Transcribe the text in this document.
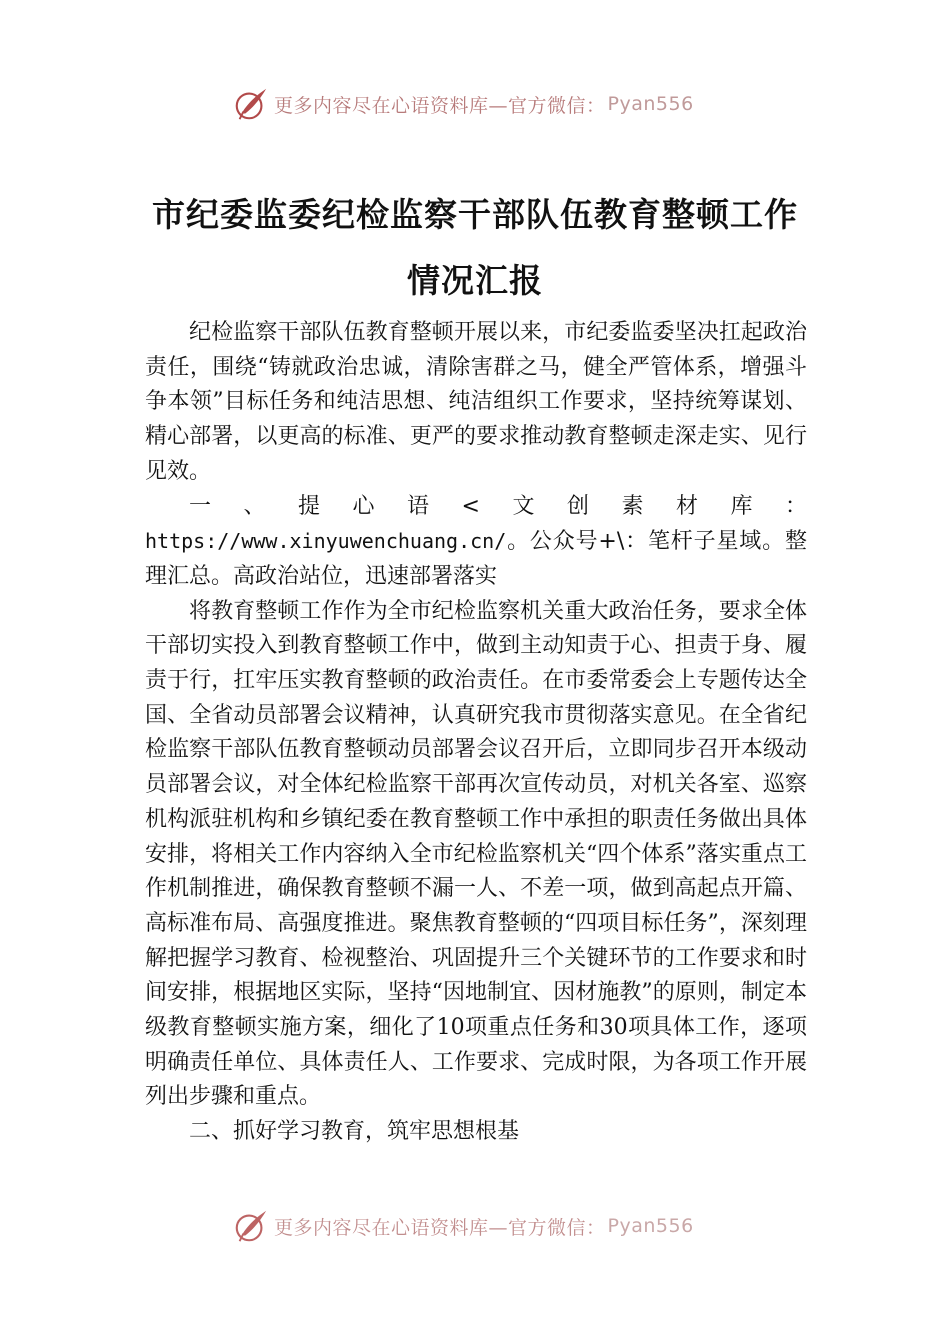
更多内容尽在心语资料库—官方微信： Pyan556
市纪委监委纪检监察干部队伍教育整顿工作情况汇报

纪检监察干部队伍教育整顿开展以来，市纪委监委坚决扛起政治责任，围绕“铸就政治忠诚，清除害群之马，健全严管体系，增强斗争本领”目标任务和纯洁思想、纯洁组织工作要求，坚持统筹谋划、精心部署，以更高的标准、更严的要求推动教育整顿走深走实、见行见效。

一、提心语<文创素材库：https://www.xinyuwenchuang.cn/。公众号+\：笔杆子星域。整理汇总。高政治站位，迅速部署落实

将教育整顿工作作为全市纪检监察机关重大政治任务，要求全体干部切实投入到教育整顿工作中，做到主动知责于心、担责于身、履责于行，扛牢压实教育整顿的政治责任。在市委常委会上专题传达全国、全省动员部署会议精神，认真研究我市贯彻落实意见。在全省纪检监察干部队伍教育整顿动员部署会议召开后，立即同步召开本级动员部署会议，对全体纪检监察干部再次宣传动员，对机关各室、巡察机构派驻机构和乡镇纪委在教育整顿工作中承担的职责任务做出具体安排，将相关工作内容纳入全市纪检监察机关“四个体系”落实重点工作机制推进，确保教育整顿不漏一人、不差一项，做到高起点开篇、高标准布局、高强度推进。聚焦教育整顿的“四项目标任务”，深刻理解把握学习教育、检视整治、巩固提升三个关键环节的工作要求和时间安排，根据地区实际，坚持“因地制宜、因材施教”的原则，制定本级教育整顿实施方案，细化了10项重点任务和30项具体工作，逐项明确责任单位、具体责任人、工作要求、完成时限，为各项工作开展列出步骤和重点。

二、抓好学习教育，筑牢思想根基

更多内容尽在心语资料库—官方微信： Pyan556
